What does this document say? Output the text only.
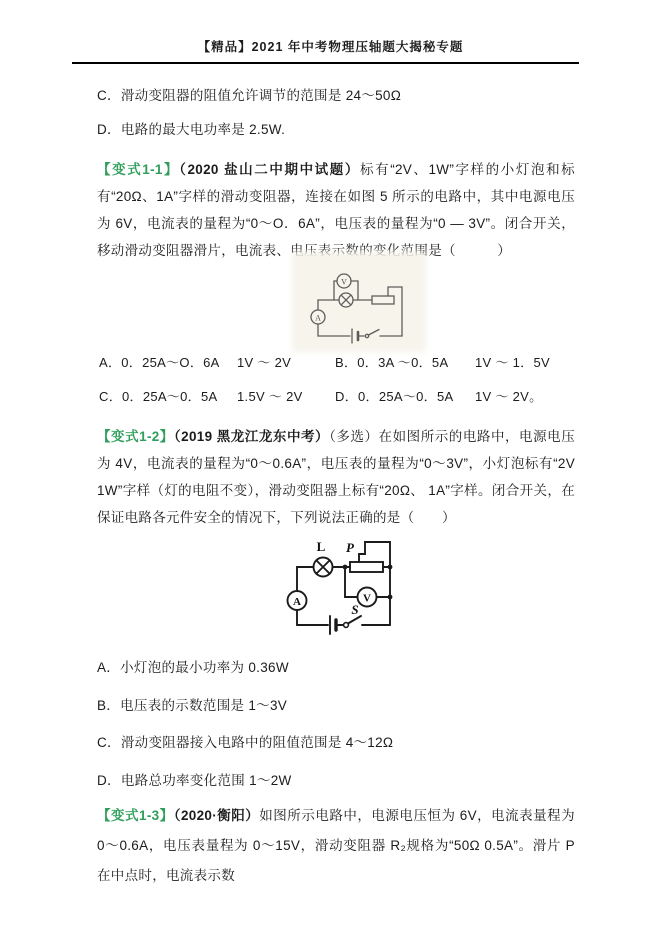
【精品】2021 年中考物理压轴题大揭秘专题
C．滑动变阻器的阻值允许调节的范围是 24～50Ω
D．电路的最大电功率是 2.5W.
【变式1-1】（2020 盐山二中期中试题）标有“2V、1W”字样的小灯泡和标有“20Ω、1A”字样的滑动变阻器，连接在如图 5 所示的电路中，其中电源电压为 6V，电流表的量程为“0～O．6A”，电压表的量程为“0 — 3V”。闭合开关，移动滑动变阻器滑片，电流表、电压表示数的变化范围是（　　　）
V
A
A．0．25A～O．6A	1V ～ 2V	B．0．3A ～0．5A	1V ～ 1．5V
C．0．25A～0．5A	1.5V ～ 2V	D．0．25A～0．5A	1V ～ 2V。
【变式1-2】（2019 黑龙江龙东中考）（多选）在如图所示的电路中，电源电压为 4V，电流表的量程为“0～0.6A”，电压表的量程为“0～3V”，小灯泡标有“2V 1W”字样（灯的电阻不变），滑动变阻器上标有“20Ω、 1A”字样。闭合开关，在保证电路各元件安全的情况下，下列说法正确的是（　　）
L P
S
V
A
A．小灯泡的最小功率为 0.36W
B．电压表的示数范围是 1～3V
C．滑动变阻器接入电路中的阻值范围是 4～12Ω
D．电路总功率变化范围 1～2W
【变式1-3】（2020·衡阳）如图所示电路中，电源电压恒为 6V，电流表量程为 0～0.6A，电压表量程为 0～15V，滑动变阻器 R₂规格为“50Ω 0.5A”。滑片 P 在中点时，电流表示数
